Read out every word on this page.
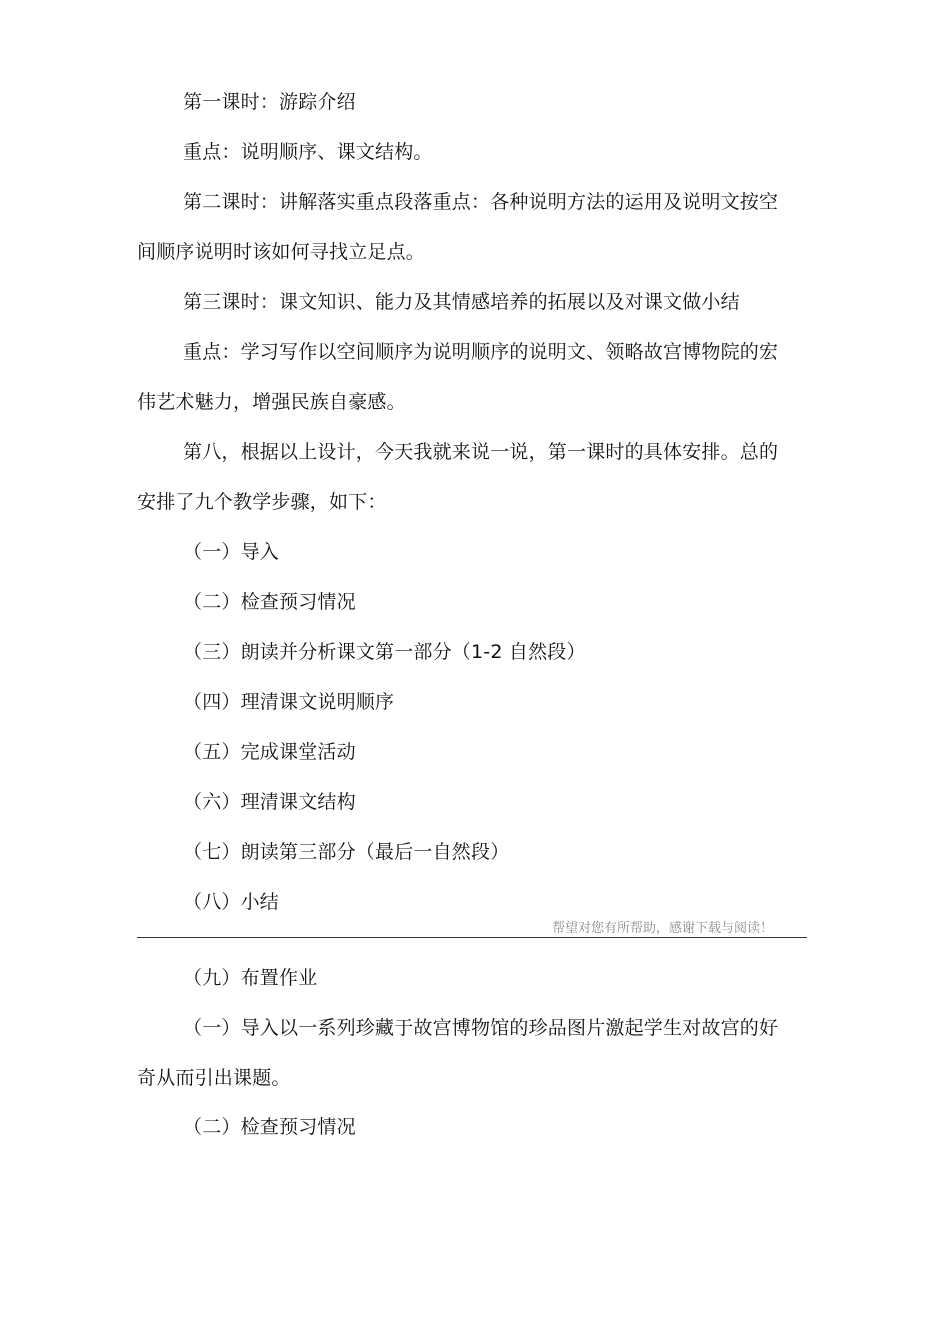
第一课时：游踪介绍
重点：说明顺序、课文结构。
第二课时：讲解落实重点段落重点：各种说明方法的运用及说明文按空
间顺序说明时该如何寻找立足点。
第三课时：课文知识、能力及其情感培养的拓展以及对课文做小结
重点：学习写作以空间顺序为说明顺序的说明文、领略故宫博物院的宏
伟艺术魅力，增强民族自豪感。
第八，根据以上设计，今天我就来说一说，第一课时的具体安排。总的
安排了九个教学步骤，如下：
（一）导入
（二）检查预习情况
（三）朗读并分析课文第一部分（1-2 自然段）
（四）理清课文说明顺序
（五）完成课堂活动
（六）理清课文结构
（七）朗读第三部分（最后一自然段）
（八）小结
帮望对您有所帮助，感谢下载与阅读！
（九）布置作业
（一）导入以一系列珍藏于故宫博物馆的珍品图片激起学生对故宫的好
奇从而引出课题。
（二）检查预习情况
